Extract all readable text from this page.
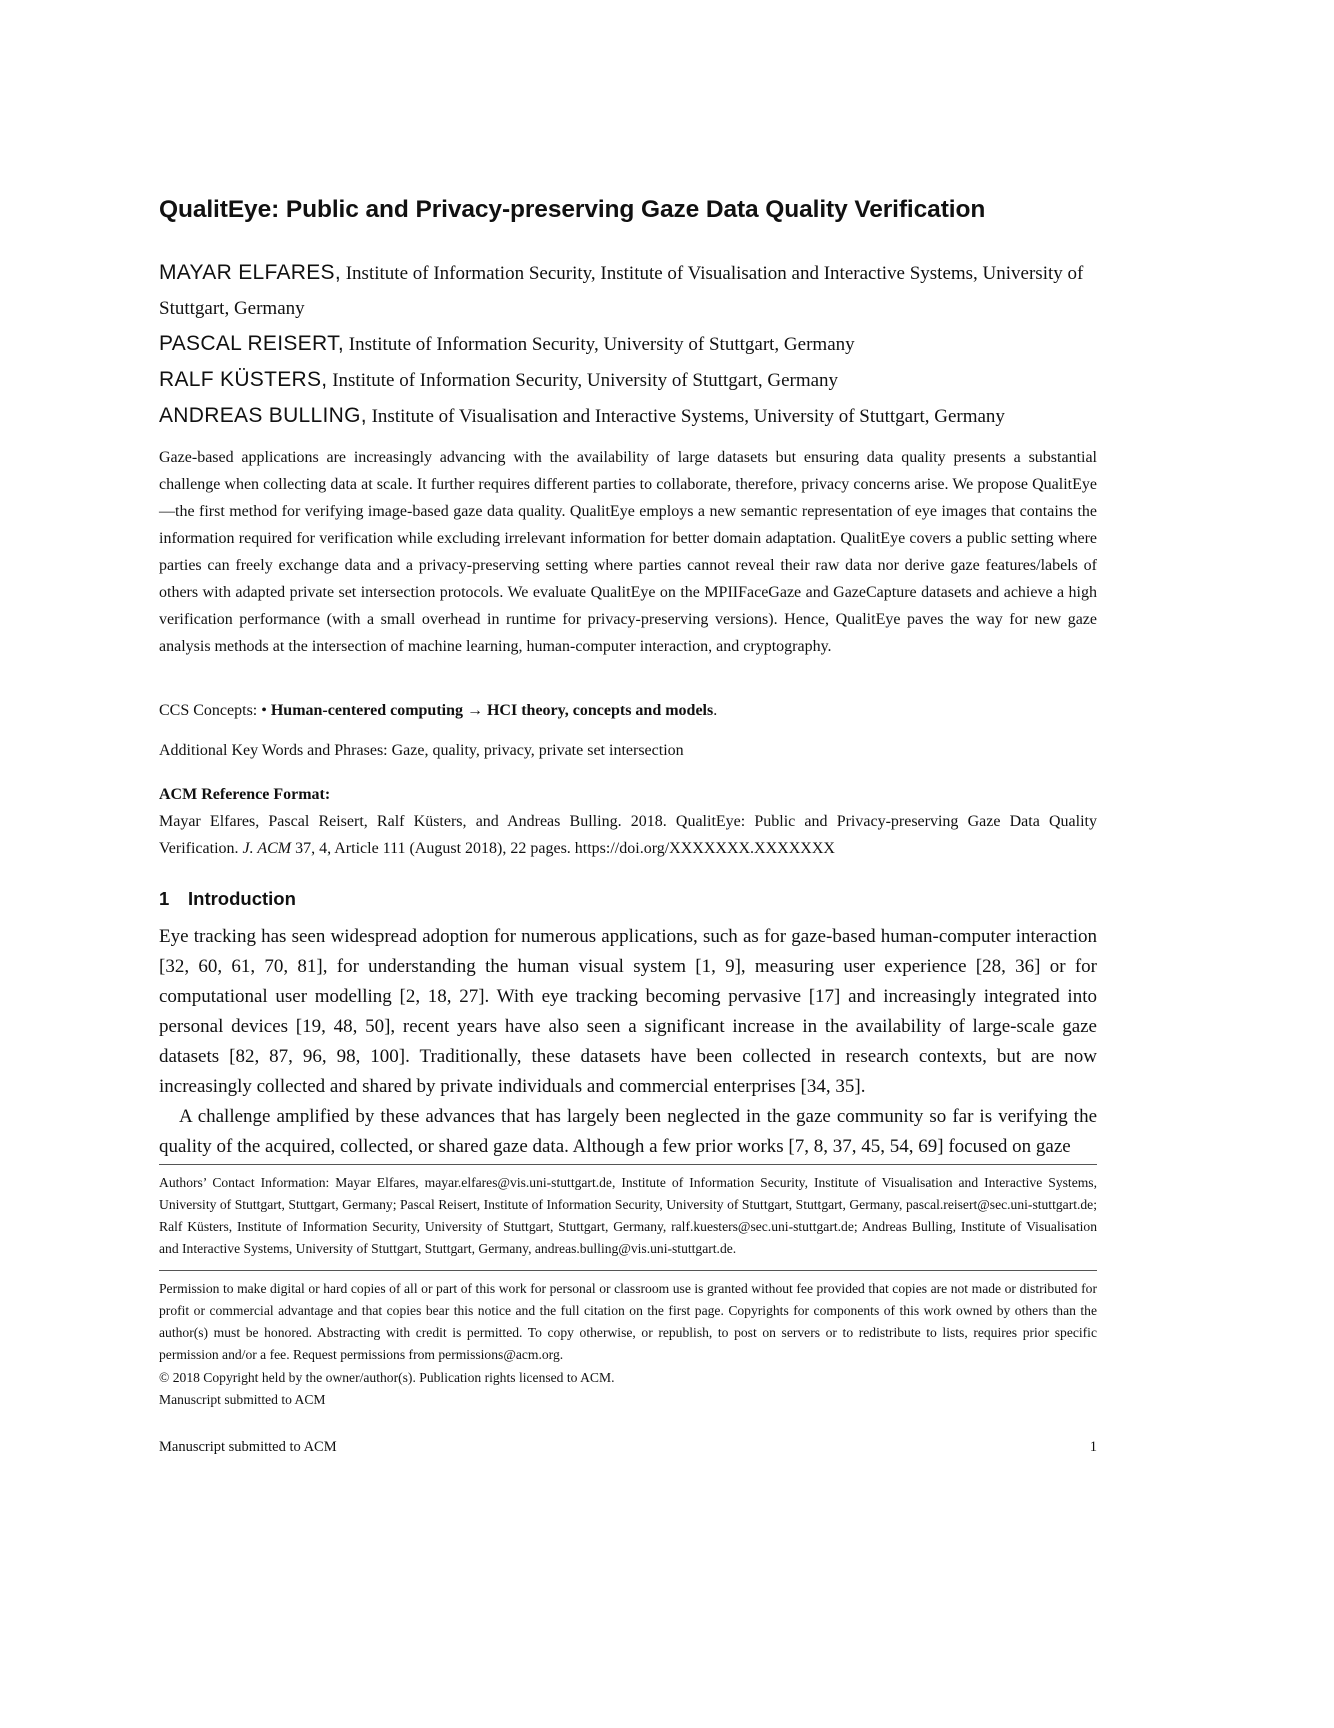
QualitEye: Public and Privacy-preserving Gaze Data Quality Verification
MAYAR ELFARES, Institute of Information Security, Institute of Visualisation and Interactive Systems, University of Stuttgart, Germany
PASCAL REISERT, Institute of Information Security, University of Stuttgart, Germany
RALF KÜSTERS, Institute of Information Security, University of Stuttgart, Germany
ANDREAS BULLING, Institute of Visualisation and Interactive Systems, University of Stuttgart, Germany

Gaze-based applications are increasingly advancing with the availability of large datasets but ensuring data quality presents a substantial challenge when collecting data at scale. It further requires different parties to collaborate, therefore, privacy concerns arise. We propose QualitEye—the first method for verifying image-based gaze data quality. QualitEye employs a new semantic representation of eye images that contains the information required for verification while excluding irrelevant information for better domain adaptation. QualitEye covers a public setting where parties can freely exchange data and a privacy-preserving setting where parties cannot reveal their raw data nor derive gaze features/labels of others with adapted private set intersection protocols. We evaluate QualitEye on the MPIIFaceGaze and GazeCapture datasets and achieve a high verification performance (with a small overhead in runtime for privacy-preserving versions). Hence, QualitEye paves the way for new gaze analysis methods at the intersection of machine learning, human-computer interaction, and cryptography.

CCS Concepts: • Human-centered computing → HCI theory, concepts and models.

Additional Key Words and Phrases: Gaze, quality, privacy, private set intersection

ACM Reference Format:
Mayar Elfares, Pascal Reisert, Ralf Küsters, and Andreas Bulling. 2018. QualitEye: Public and Privacy-preserving Gaze Data Quality Verification. J. ACM 37, 4, Article 111 (August 2018), 22 pages. https://doi.org/XXXXXXX.XXXXXXX
1 Introduction

Eye tracking has seen widespread adoption for numerous applications, such as for gaze-based human-computer interaction [32, 60, 61, 70, 81], for understanding the human visual system [1, 9], measuring user experience [28, 36] or for computational user modelling [2, 18, 27]. With eye tracking becoming pervasive [17] and increasingly integrated into personal devices [19, 48, 50], recent years have also seen a significant increase in the availability of large-scale gaze datasets [82, 87, 96, 98, 100]. Traditionally, these datasets have been collected in research contexts, but are now increasingly collected and shared by private individuals and commercial enterprises [34, 35].

A challenge amplified by these advances that has largely been neglected in the gaze community so far is verifying the quality of the acquired, collected, or shared gaze data. Although a few prior works [7, 8, 37, 45, 54, 69] focused on gaze

Authors’ Contact Information: Mayar Elfares, mayar.elfares@vis.uni-stuttgart.de, Institute of Information Security, Institute of Visualisation and Interactive Systems, University of Stuttgart, Stuttgart, Germany; Pascal Reisert, Institute of Information Security, University of Stuttgart, Stuttgart, Germany, pascal.reisert@sec.uni-stuttgart.de; Ralf Küsters, Institute of Information Security, University of Stuttgart, Stuttgart, Germany, ralf.kuesters@sec.uni-stuttgart.de; Andreas Bulling, Institute of Visualisation and Interactive Systems, University of Stuttgart, Stuttgart, Germany, andreas.bulling@vis.uni-stuttgart.de.

Permission to make digital or hard copies of all or part of this work for personal or classroom use is granted without fee provided that copies are not made or distributed for profit or commercial advantage and that copies bear this notice and the full citation on the first page. Copyrights for components of this work owned by others than the author(s) must be honored. Abstracting with credit is permitted. To copy otherwise, or republish, to post on servers or to redistribute to lists, requires prior specific permission and/or a fee. Request permissions from permissions@acm.org.

© 2018 Copyright held by the owner/author(s). Publication rights licensed to ACM.
Manuscript submitted to ACM
Manuscript submitted to ACM	1
